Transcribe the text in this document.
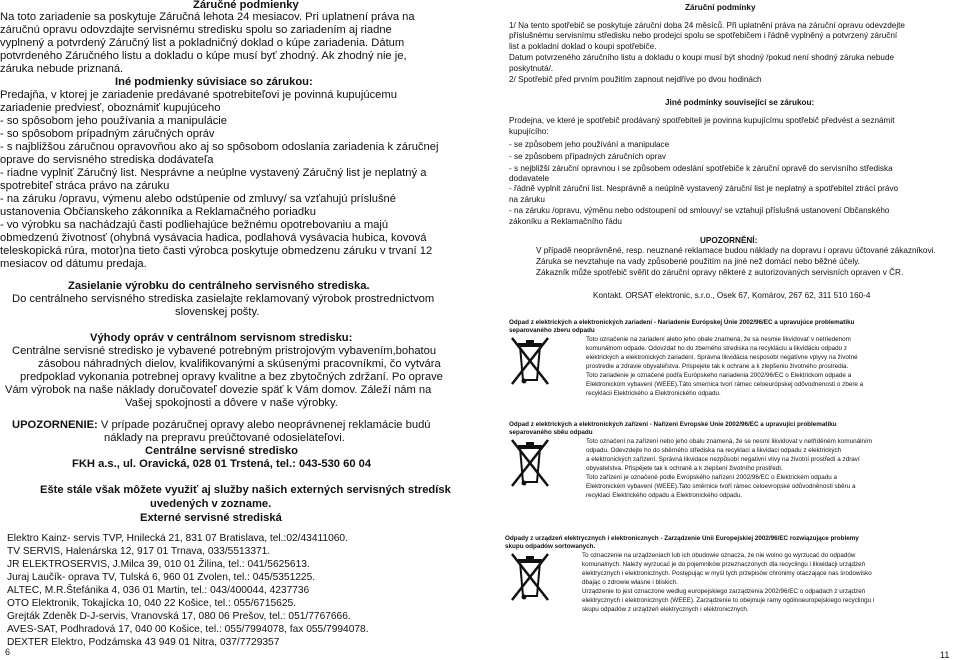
Záručné podmienky

Na toto zariadenie sa poskytuje Záručná lehota 24 mesiacov. Pri uplatnení práva na

záručnú opravu odovzdajte servisnému stredisku spolu so zariadením aj riadne

vyplnený a potvrdený Záručný list a pokladničný doklad o kúpe zariadenia. Dátum

potvrdeného Záručného listu a dokladu o kúpe musí byť zhodný. Ak zhodný nie je,

záruka nebude priznaná.

Iné podmienky súvisiace so zárukou:

Predajňa, v ktorej je zariadenie predávané spotrebiteľovi je povinná kupujúcemu

zariadenie predviesť, oboznámiť kupujúceho

- so spôsobom jeho používania a manipulácie

- so spôsobom prípadným záručných opráv

- s najbližšou záručnou opravovňou ako aj so spôsobom odoslania zariadenia k záručnej

oprave do servisného strediska dodávateľa

- riadne vyplniť Záručný list. Nesprávne a neúplne vystavený Záručný list je neplatný a

spotrebiteľ stráca právo na záruku

- na záruku /opravu, výmenu alebo odstúpenie od zmluvy/ sa vzťahujú príslušné

ustanovenia Občianskeho zákonníka a Reklamačného poriadku

- vo výrobku sa nachádzajú časti podliehajúce bežnému opotrebovaniu a majú

obmedzenú životnosť (ohybná vysávacia hadica, podlahová vysávacia hubica, kovová

teleskopická rúra, motor)na tieto časti výrobca poskytuje obmedzenu záruku v trvaní 12

mesiacov od dátumu predaja.

Zasielanie výrobku do centrálneho servisného strediska.

Do centrálneho servisného strediska zasielajte reklamovaný výrobok prostrednictvom

slovenskej pošty.

Výhody opráv v centrálnom servisnom stredisku:

Centrálne servisné stredisko je vybavené potrebným pristrojovým vybavením,bohatou

zásobou náhradných dielov, kvalifikovanými a skúsenými pracovníkmi, čo vytvára

predpoklad vykonania potrebnej opravy kvalitne a bez zbytočných zdržaní. Po oprave

Vám výrobok na naše náklady doručovateľ dovezie späť k Vám domov. Záleží nám na

Vašej spokojnosti a dôvere v naše výrobky.

UPOZORNENIE: V prípade pozáručnej opravy alebo neoprávnenej reklamácie budú

náklady na prepravu preúčtované odosielateľovi.

Centrálne servisné stredisko

FKH a.s., ul. Oravická, 028 01 Trstená, tel.: 043-530 60 04

Ešte stále však môžete využiť aj služby našich externých servisných stredísk

uvedených v zozname.

Externé servisné strediská

Elektro Kainz- servis TVP, Hnilecká 21, 831 07 Bratislava, tel.:02/43411060.

TV SERVIS, Halenárska 12, 917 01 Trnava, 033/5513371.

JR ELEKTROSERVIS, J.Milca 39, 010 01 Žilina, tel.: 041/5625613.

Juraj Laučík- oprava TV, Tulská 6, 960 01 Zvolen, tel.: 045/5351225.

ALTEC, M.R.Štefánika 4, 036 01 Martin, tel.: 043/400044, 4237736

OTO Elektronik, Tokajícka 10, 040 22 Košice, tel.: 055/6715625.

Grejták Zdeněk D-J-servis, Vranovská 17, 080 06 Prešov, tel.: 051/7767666.

AVES-SAT, Podhradová 17, 040 00 Košice, tel.: 055/7994078, fax 055/7994078.

DEXTER Elektro, Podzámska 43 949 01 Nitra, 037/7729357

6

Záruční podmínky

1/ Na tento spotřebič se poskytuje záruční doba 24 měsíců. Při uplatnění práva na záruční opravu odevzdejte

příslušnému servisnímu středisku nebo prodejci spolu se spotřebičem i řádně vyplněný a potvrzený záruční

list a pokladní doklad o koupi spotřebiče.

Datum potvrzeného záručního listu a dokladu o koupi musí být shodný /pokud není shodný záruka nebude

poskytnutá/.

2/ Spotřebič před prvním použitím zapnout nejdříve po dvou hodinách

Jiné podmínky související se zárukou:

Prodejna, ve které je spotřebič prodávaný spotřebiteli je povinna kupujícímu spotřebič předvést a seznámit

kupujícího:

- se způsobem jeho používání a manipulace

- se způsobem případných záručních oprav

- s nejbližší záruční opravnou i se způsobem odeslání spotřebiče k záruční opravě do servisního střediska

dodavatele

- řádně vyplnit záruční list. Nesprávně a neúplně vystavený záruční list je neplatný a spotřebitel ztrácí právo

na záruku

- na záruku /opravu, výměnu nebo odstoupení od smlouvy/ se vztahují příslušná ustanovení Občanského

zákoníku a Reklamačního řádu

UPOZORNĚNÍ:

V případě neoprávněné, resp. neuznané reklamace budou náklady na dopravu i opravu účtované zákazníkovi.

Záruka se nevztahuje na vady způsobené použitím na jiné než domácí nebo běžné účely.

Zákazník může spotřebič svěřit do záruční opravy některé z autorizovaných servisních opraven v ČR.

Kontakt. ORSAT elektronic, s.r.o., Osek 67, Komárov, 267 62, 311 510 160-4

Odpad z elektrických a elektronických zariadení - Nariadenie Európskej Únie 2002/96/EC a upravujúce problematiku

separovaného zberu odpadu

Toto označenie na zariadení alebo jeho obale znamená, že sa nesmie likvidovať v netriedenom

komunálnom odpade. Odovzdať ho do zberného strediska na recykláciu a likvidáciu odpadu z

elektrických a elektronických zariadení. Správna likvidácia nesposobí negatívne vplyvy na životné

prostredie a zdravie obyvateľstva. Prispejete tak k ochrane a k zlepšeniu životného prostredia.

Toto zariadenie je označené podľa Európskeho nariadenia 2002/96/EC o Elektrickom odpade a

Elektronickom vybavení (WEEE).Táto smernica tvorí rámec celoeurópskej odôvodnenosti o zbere a

recyklácii Elektrického a Elektronického odpadu.

Odpad z elektrických a elektronických zařízení - Nařízení Evropské Unie 2002/96/EC a upravující problematiku

separovaného sběu odpadu

Toto označení na zařízení nebo jeho obalu znamená, že se nesmí likvidovat v netříděném komunálním

odpadu. Odevzdejte ho do sběrného střediska na recyklaci a likvidaci odpadu z elektrických

a elektronických zařízení. Správná likvidace nezpůsobí negativní vlivy na životní prostředí a zdraví

obyvatelstva. Přispějete tak k ochraně a k zlepšení životního prostředí.

Toto zařízení je označené podle Evropského nařízení 2002/96/EC o Elektrickém odpadu a

Elektronickém vybavení (WEEE).Tato směrnice tvoří rámec celoevropské odůvodněnosti sběru a

recyklaci Elektrického odpadu a Elektronického odpadu.

Odpady z urządzeń elektrycznych i elektronicznych - Zarządzenie Unii Europejskiej 2002/96/EC rozwiązujące problemy

skupu odpadów sortowanych.

To oznaczenie na urządzeniach lub ich obudowie oznacza, że nie wolno go wyrzucać do odpadów

komunalnych. Należy wyrzucać je do pojemników przeznaczonych dla recyclingu i likwidacji urządzeń

elektrycznych i elektronicznych. Postępując w myśl tych przepisów chronimy otaczające nas środowisko

dbając o zdrowie własne i bliskich.

Urządzenie to jest oznaczone wedlug europejskiego zarządzenia 2002/96/EC o odpadach z urządzeń

elektrycznych i elektronicznych (WEEE). Zarządzenie to obejmuje ramy ogólnoeuropejskiego recyclingu i

skupu odpadów z urządzeń elektrycznych i elektronicznych.

11
